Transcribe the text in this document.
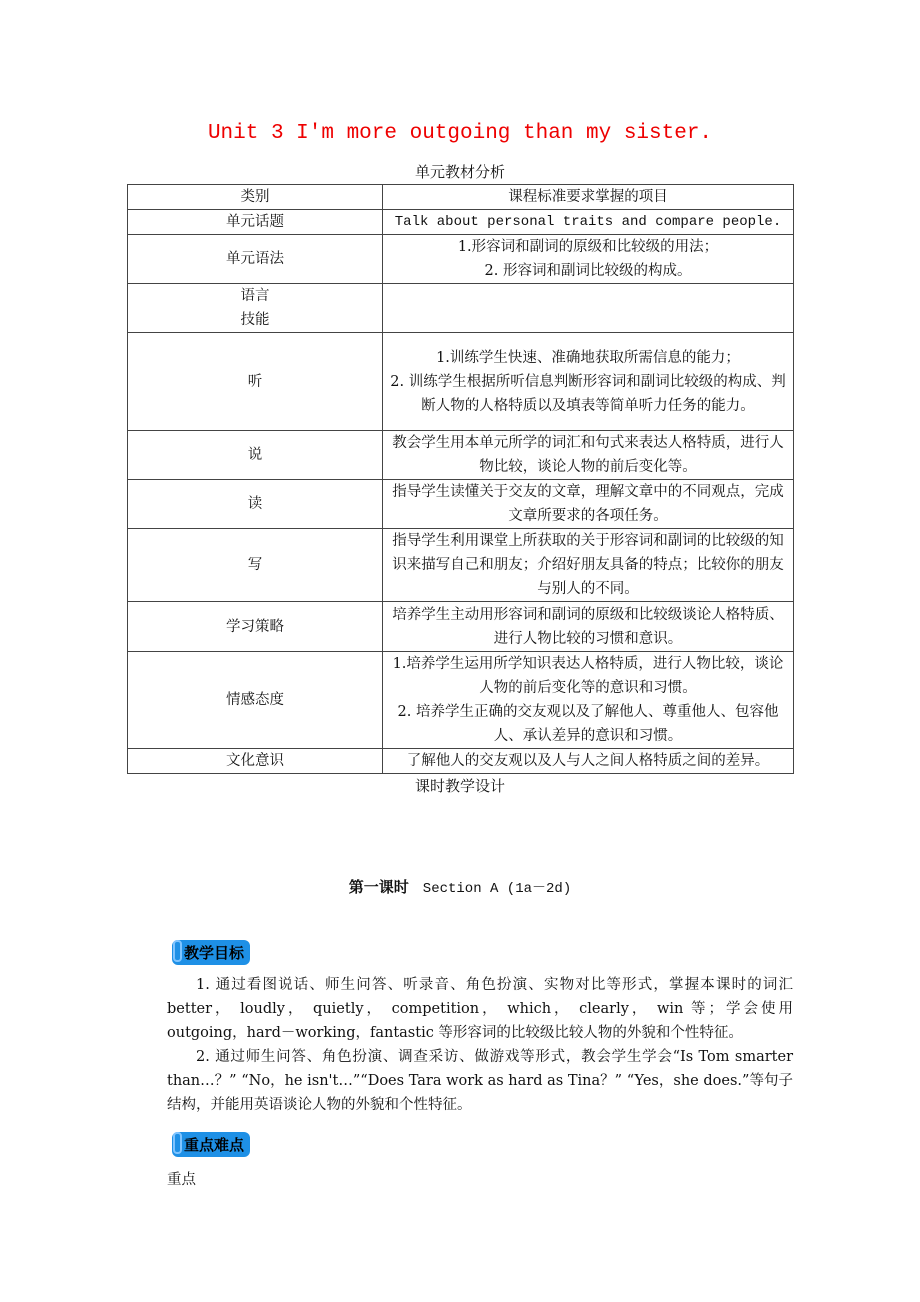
Unit 3 I'm more outgoing than my sister.
单元教材分析
类别	课程标准要求掌握的项目

单元话题	Talk about personal traits and compare people.

单元语法	1.形容词和副词的原级和比较级的用法；
2. 形容词和副词比较级的构成。

语言
技能	

听	1.训练学生快速、准确地获取所需信息的能力；
2. 训练学生根据所听信息判断形容词和副词比较级的构成、判断人物的人格特质以及填表等简单听力任务的能力。

说	教会学生用本单元所学的词汇和句式来表达人格特质，进行人物比较，谈论人物的前后变化等。

读	指导学生读懂关于交友的文章，理解文章中的不同观点，完成文章所要求的各项任务。

写	指导学生利用课堂上所获取的关于形容词和副词的比较级的知识来描写自己和朋友；介绍好朋友具备的特点；比较你的朋友与别人的不同。

学习策略	培养学生主动用形容词和副词的原级和比较级谈论人格特质、进行人物比较的习惯和意识。

情感态度	1.培养学生运用所学知识表达人格特质，进行人物比较，谈论人物的前后变化等的意识和习惯。
2. 培养学生正确的交友观以及了解他人、尊重他人、包容他人、承认差异的意识和习惯。

文化意识	了解他人的交友观以及人与人之间人格特质之间的差异。
课时教学设计
第一课时 Section A (1a－2d)
教学目标

1. 通过看图说话、师生问答、听录音、角色扮演、实物对比等形式，掌握本课时的词汇 better， loudly， quietly， competition， which， clearly， win 等；学会使用 outgoing，hard－working，fantastic 等形容词的比较级比较人物的外貌和个性特征。

2. 通过师生问答、角色扮演、调查采访、做游戏等形式，教会学生学会“Is Tom smarter than…？” “No，he isn't…”“Does Tara work as hard as Tina？” “Yes，she does.”等句子结构，并能用英语谈论人物的外貌和个性特征。

重点难点
重点
